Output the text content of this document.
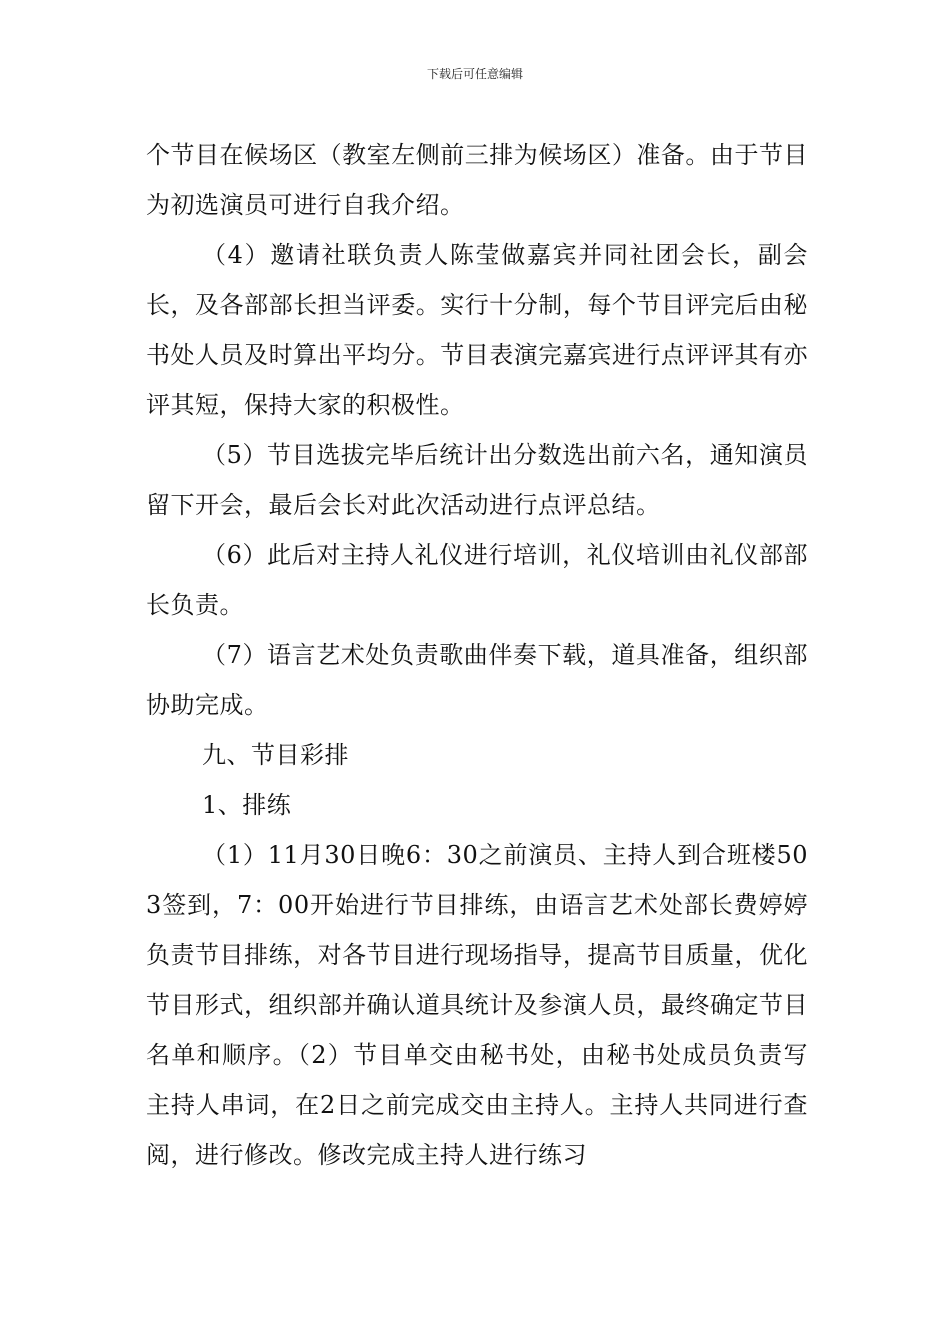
下载后可任意编辑

个节目在候场区（教室左侧前三排为候场区）准备。由于节目为初选演员可进行自我介绍。

（4）邀请社联负责人陈莹做嘉宾并同社团会长，副会长，及各部部长担当评委。实行十分制，每个节目评完后由秘书处人员及时算出平均分。节目表演完嘉宾进行点评评其有亦评其短，保持大家的积极性。

（5）节目选拔完毕后统计出分数选出前六名，通知演员留下开会，最后会长对此次活动进行点评总结。

（6）此后对主持人礼仪进行培训，礼仪培训由礼仪部部长负责。

（7）语言艺术处负责歌曲伴奏下载，道具准备，组织部协助完成。

九、节目彩排

1、排练

（1）11月30日晚6：30之前演员、主持人到合班楼503签到，7：00开始进行节目排练，由语言艺术处部长费婷婷负责节目排练，对各节目进行现场指导，提高节目质量，优化节目形式，组织部并确认道具统计及参演人员，最终确定节目名单和顺序。（2）节目单交由秘书处，由秘书处成员负责写主持人串词，在2日之前完成交由主持人。主持人共同进行查阅，进行修改。修改完成主持人进行练习
